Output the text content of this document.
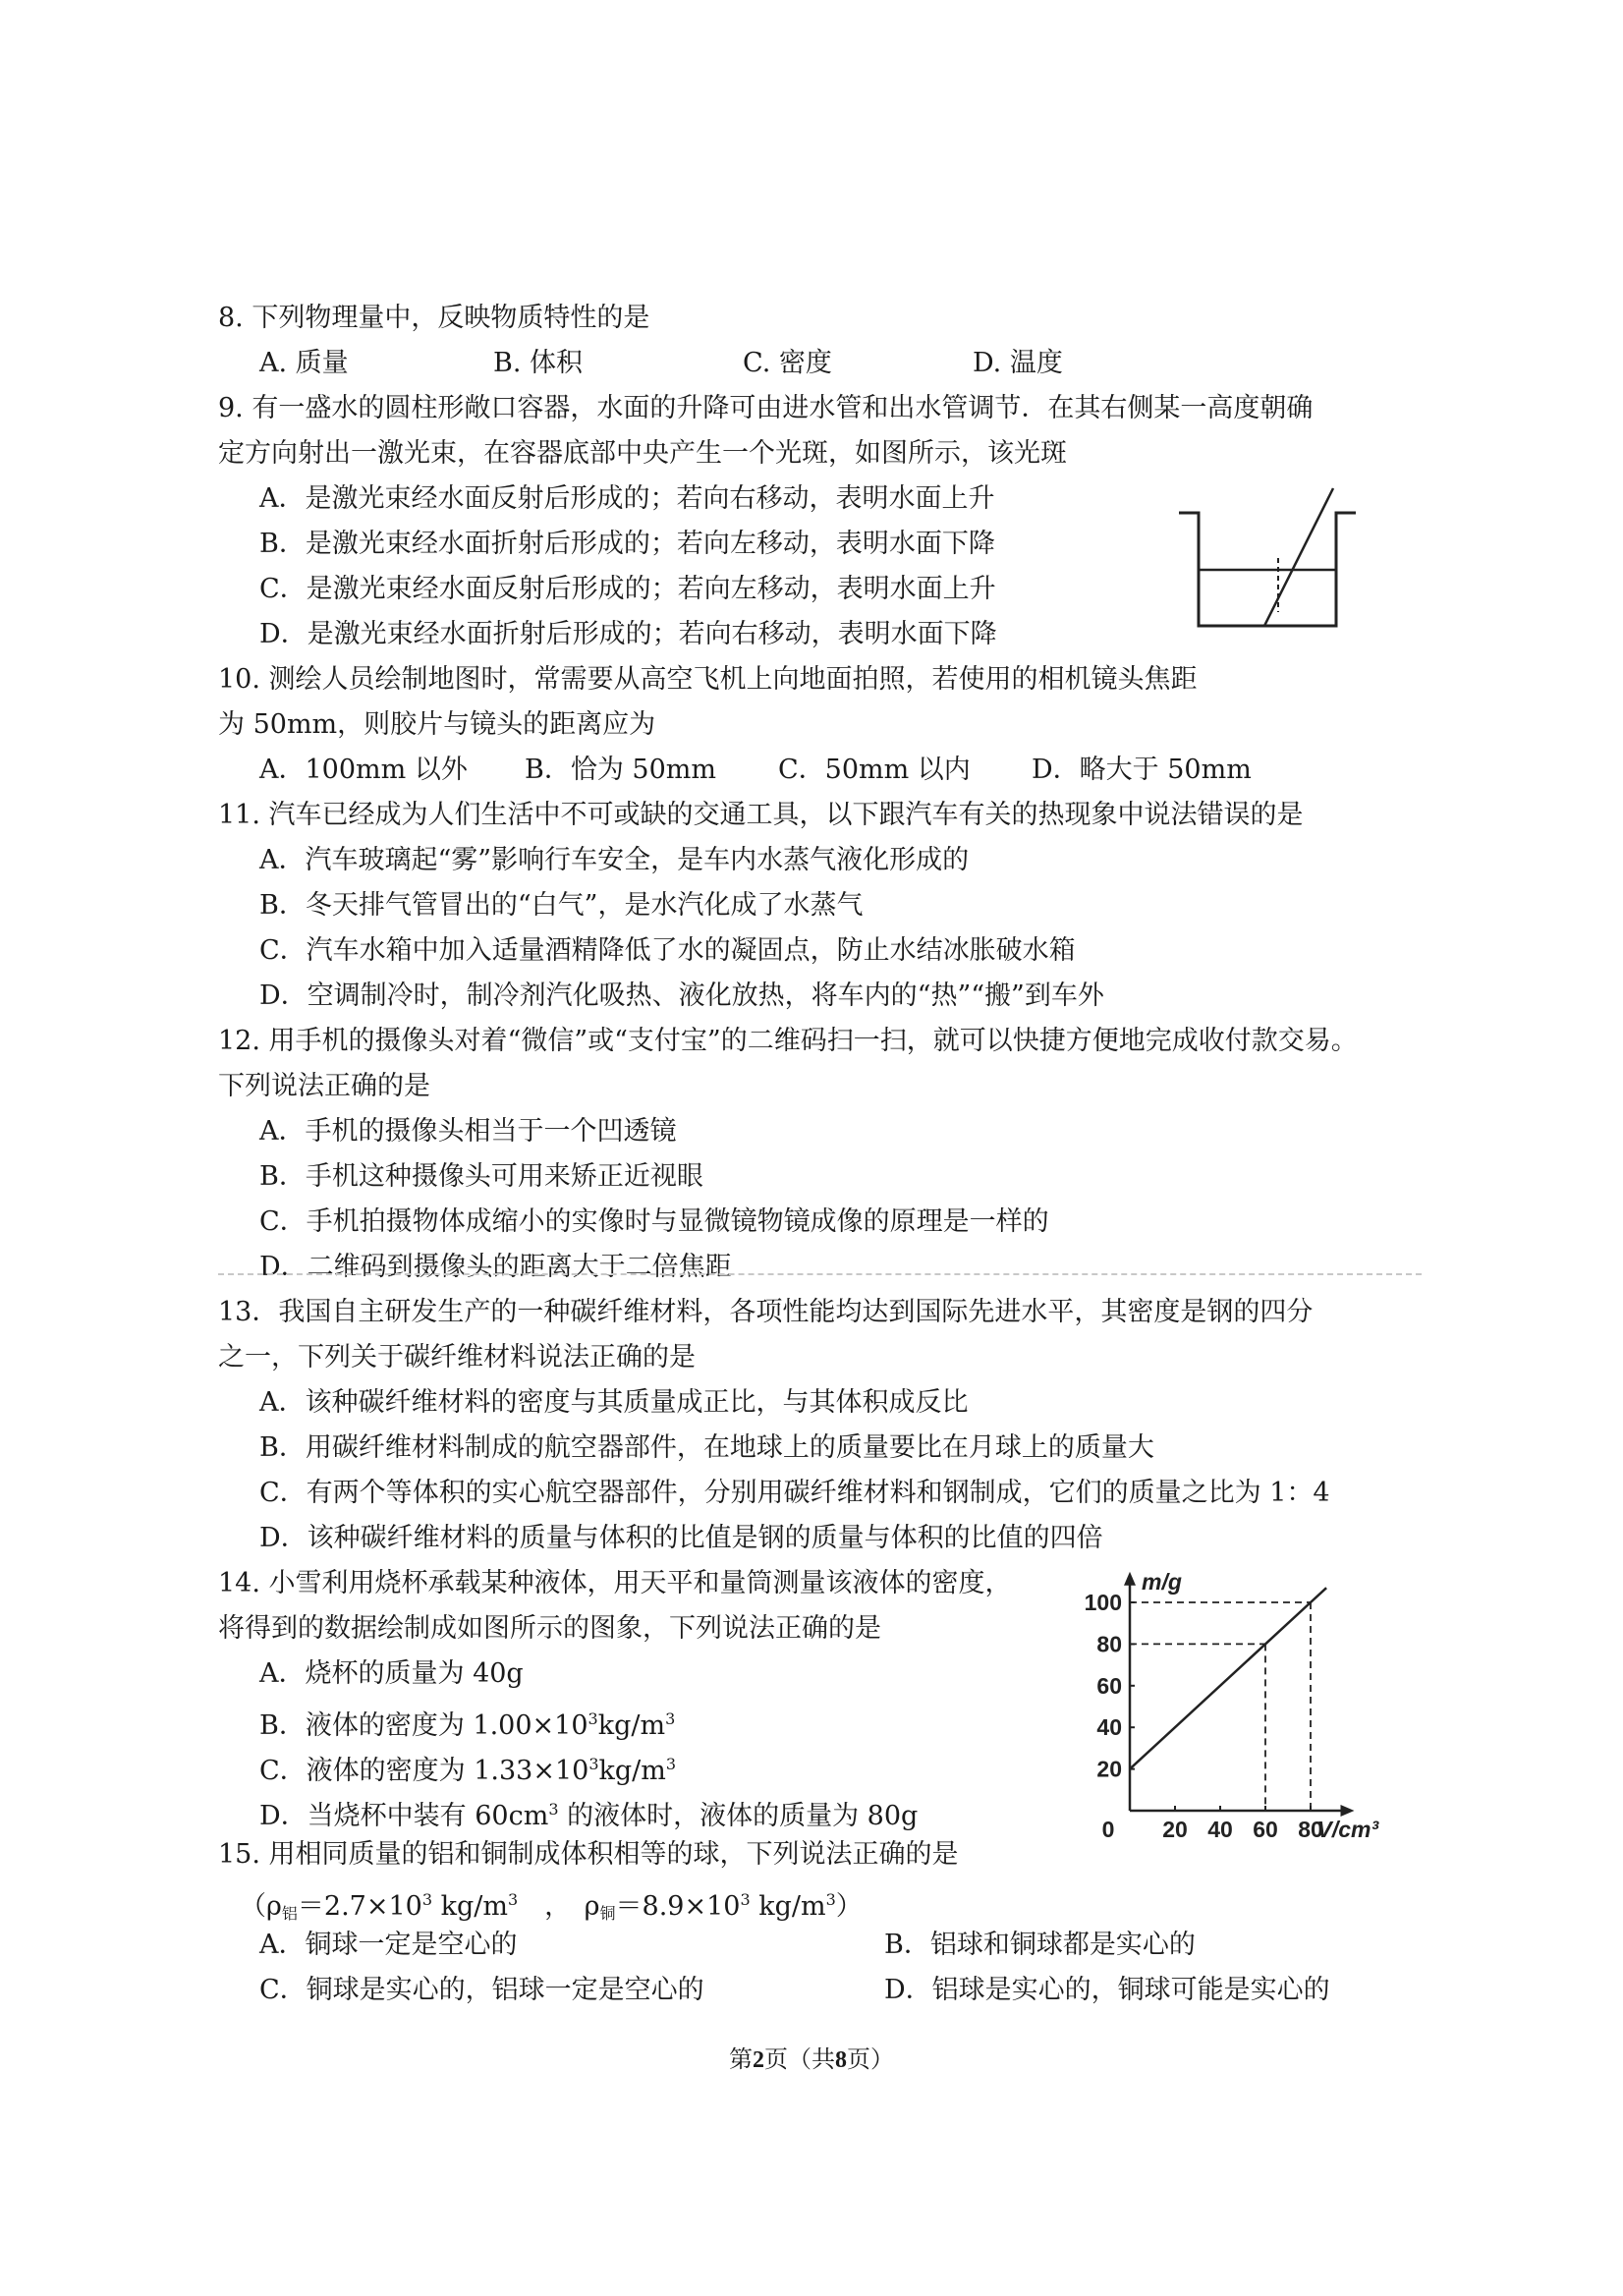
8. 下列物理量中，反映物质特性的是
A. 质量	B. 体积	C. 密度	D. 温度
9. 有一盛水的圆柱形敞口容器，水面的升降可由进水管和出水管调节．在其右侧某一高度朝确
定方向射出一激光束，在容器底部中央产生一个光斑，如图所示，该光斑
A．是激光束经水面反射后形成的；若向右移动，表明水面上升
B．是激光束经水面折射后形成的；若向左移动，表明水面下降
C．是激光束经水面反射后形成的；若向左移动，表明水面上升
D．是激光束经水面折射后形成的；若向右移动，表明水面下降
10. 测绘人员绘制地图时，常需要从高空飞机上向地面拍照，若使用的相机镜头焦距
为 50mm，则胶片与镜头的距离应为
A．100mm 以外 B．恰为 50mm C．50mm 以内 D．略大于 50mm
11. 汽车已经成为人们生活中不可或缺的交通工具，以下跟汽车有关的热现象中说法错误的是
A．汽车玻璃起“雾”影响行车安全，是车内水蒸气液化形成的
B．冬天排气管冒出的“白气”，是水汽化成了水蒸气
C．汽车水箱中加入适量酒精降低了水的凝固点，防止水结冰胀破水箱
D．空调制冷时，制冷剂汽化吸热、液化放热，将车内的“热”“搬”到车外
12. 用手机的摄像头对着“微信”或“支付宝”的二维码扫一扫，就可以快捷方便地完成收付款交易。
下列说法正确的是
A．手机的摄像头相当于一个凹透镜
B．手机这种摄像头可用来矫正近视眼
C．手机拍摄物体成缩小的实像时与显微镜物镜成像的原理是一样的
D．二维码到摄像头的距离大于二倍焦距
13．我国自主研发生产的一种碳纤维材料，各项性能均达到国际先进水平，其密度是钢的四分
之一，下列关于碳纤维材料说法正确的是
A．该种碳纤维材料的密度与其质量成正比，与其体积成反比
B．用碳纤维材料制成的航空器部件，在地球上的质量要比在月球上的质量大
C．有两个等体积的实心航空器部件，分别用碳纤维材料和钢制成，它们的质量之比为 1：4
D．该种碳纤维材料的质量与体积的比值是钢的质量与体积的比值的四倍
14. 小雪利用烧杯承载某种液体，用天平和量筒测量该液体的密度，
将得到的数据绘制成如图所示的图象，下列说法正确的是
A．烧杯的质量为 40g
B．液体的密度为 $1.00\times 10^3kg/m^3$
C．液体的密度为 $1.33\times 10^3kg/m^3$
D．当烧杯中装有 $60cm^3$ 的液体时，液体的质量为 80g	0 20 40 60 80
20
40
60
80
100
m/g
V/cm³
15. 用相同质量的铝和铜制成体积相等的球，下列说法正确的是
（$\rho_铝=2.7\times 10^3$ $kg/m^3$　，　$\rho_铜=8.9\times 10^3$ $kg/m^3$）
A．铜球一定是空心的	B．铝球和铜球都是实心的
C．铜球是实心的，铝球一定是空心的	D．铝球是实心的，铜球可能是实心的
第2页（共8页）
